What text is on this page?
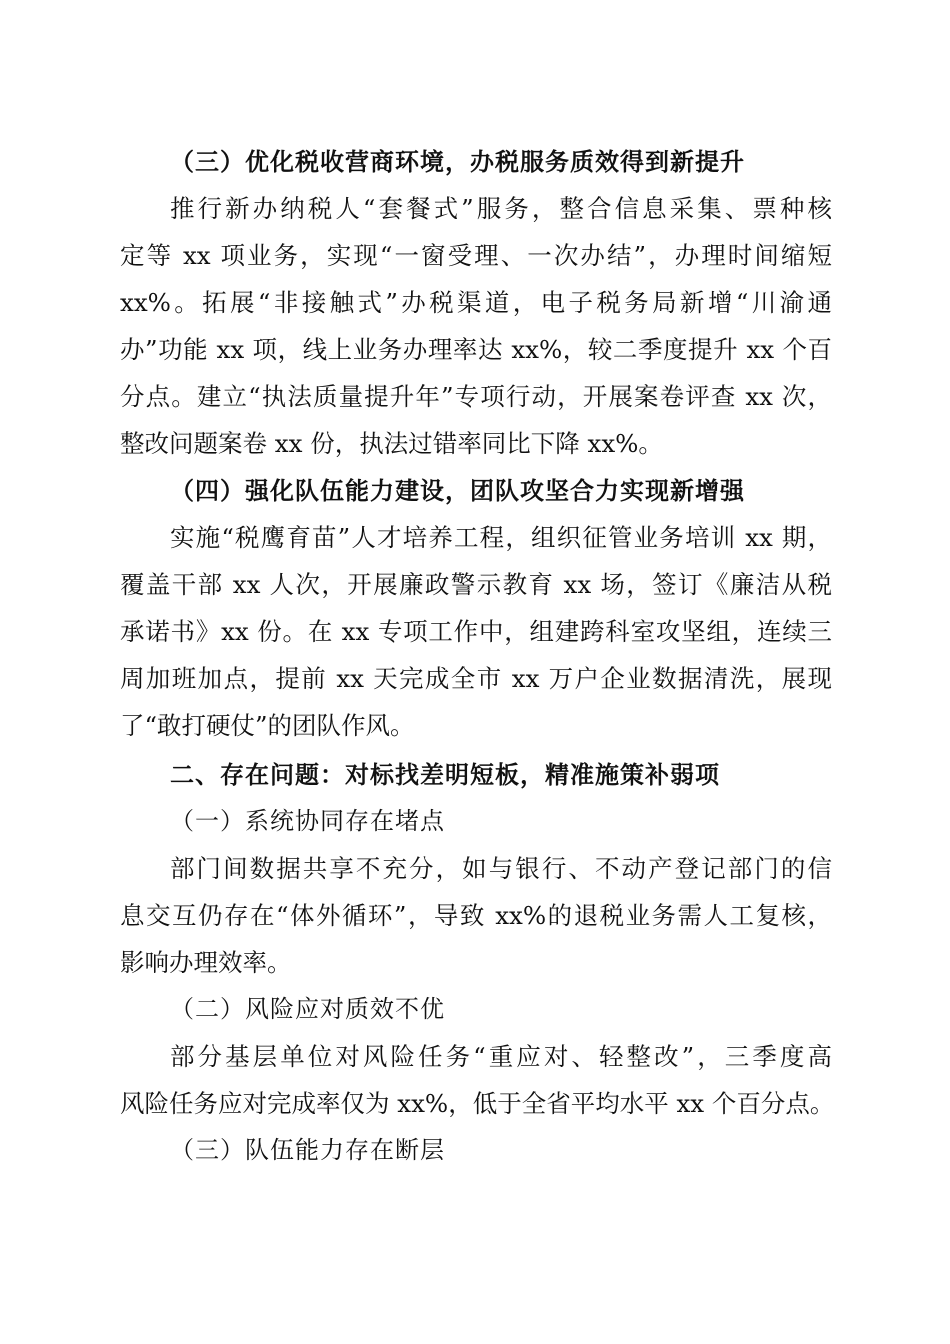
（三）优化税收营商环境，办税服务质效得到新提升
推行新办纳税人“套餐式”服务，整合信息采集、票种核
定等 xx 项业务，实现“一窗受理、一次办结”，办理时间缩短
xx%。拓展“非接触式”办税渠道，电子税务局新增“川渝通
办”功能 xx 项，线上业务办理率达 xx%，较二季度提升 xx 个百
分点。建立“执法质量提升年”专项行动，开展案卷评查 xx 次，
整改问题案卷 xx 份，执法过错率同比下降 xx%。
（四）强化队伍能力建设，团队攻坚合力实现新增强
实施“税鹰育苗”人才培养工程，组织征管业务培训 xx 期，
覆盖干部 xx 人次，开展廉政警示教育 xx 场，签订《廉洁从税
承诺书》xx 份。在 xx 专项工作中，组建跨科室攻坚组，连续三
周加班加点，提前 xx 天完成全市 xx 万户企业数据清洗，展现
了“敢打硬仗”的团队作风。
二、存在问题：对标找差明短板，精准施策补弱项
（一）系统协同存在堵点
部门间数据共享不充分，如与银行、不动产登记部门的信
息交互仍存在“体外循环”，导致 xx%的退税业务需人工复核，
影响办理效率。
（二）风险应对质效不优
部分基层单位对风险任务“重应对、轻整改”，三季度高
风险任务应对完成率仅为 xx%，低于全省平均水平 xx 个百分点。
（三）队伍能力存在断层
